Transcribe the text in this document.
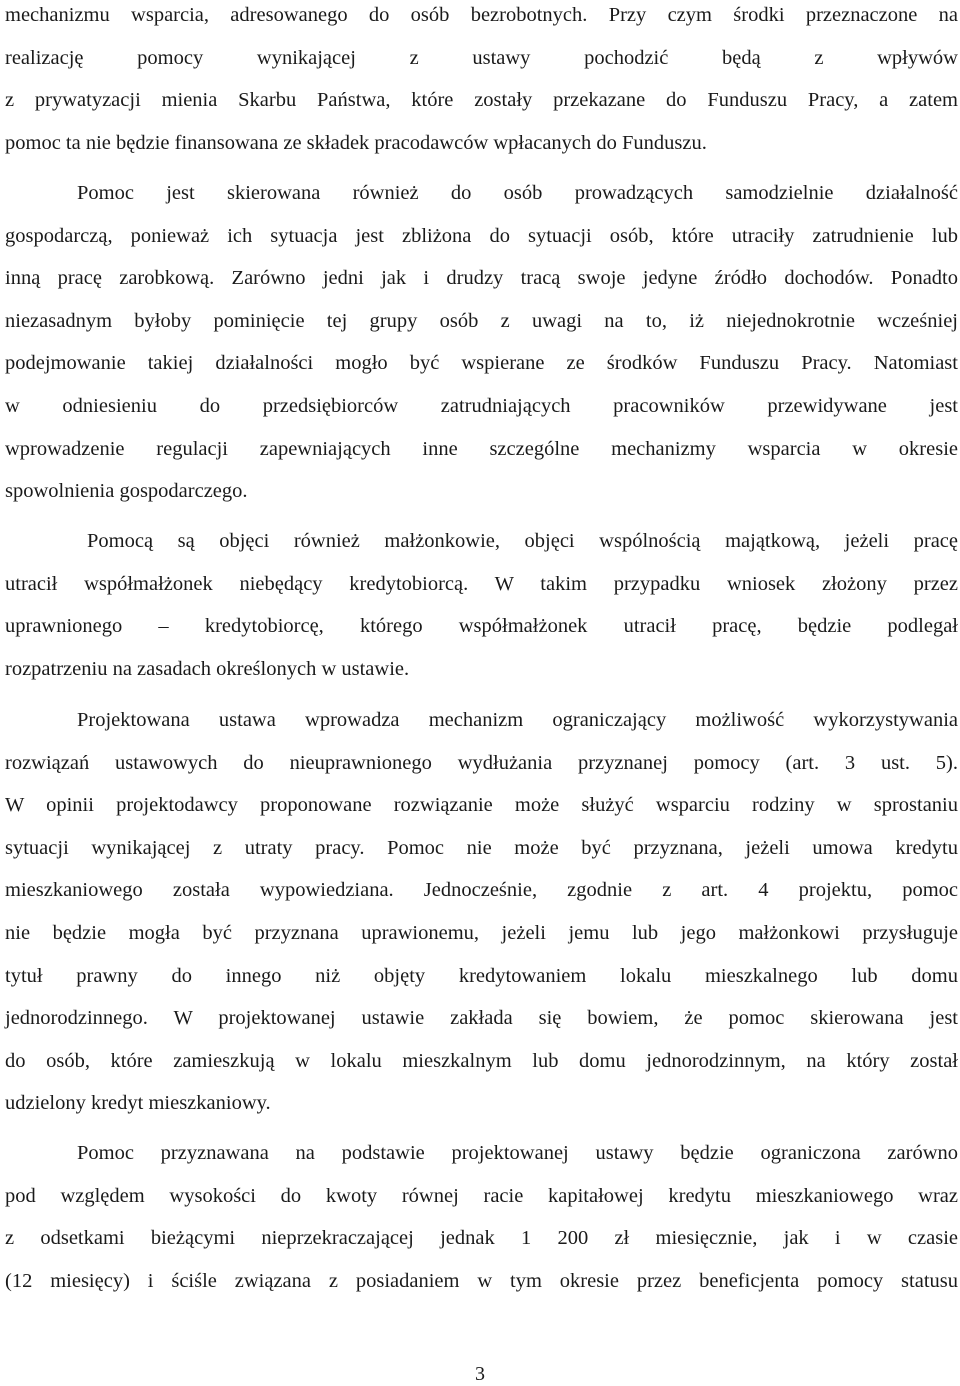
mechanizmu wsparcia, adresowanego do osób bezrobotnych. Przy czym środki przeznaczone na
realizację pomocy wynikającej z ustawy pochodzić będą z wpływów
z prywatyzacji mienia Skarbu Państwa, które zostały przekazane do Funduszu Pracy, a zatem
pomoc ta nie będzie finansowana ze składek pracodawców wpłacanych do Funduszu.
Pomoc jest skierowana również do osób prowadzących samodzielnie działalność
gospodarczą, ponieważ ich sytuacja jest zbliżona do sytuacji osób, które utraciły zatrudnienie lub
inną pracę zarobkową. Zarówno jedni jak i drudzy tracą swoje jedyne źródło dochodów. Ponadto
niezasadnym byłoby pominięcie tej grupy osób z uwagi na to, iż niejednokrotnie wcześniej
podejmowanie takiej działalności mogło być wspierane ze środków Funduszu Pracy. Natomiast
w odniesieniu do przedsiębiorców zatrudniających pracowników przewidywane jest
wprowadzenie regulacji zapewniających inne szczególne mechanizmy wsparcia w okresie
spowolnienia gospodarczego.
Pomocą są objęci również małżonkowie, objęci wspólnością majątkową, jeżeli pracę
utracił współmałżonek niebędący kredytobiorcą. W takim przypadku wniosek złożony przez
uprawnionego – kredytobiorcę, którego współmałżonek utracił pracę, będzie podlegał
rozpatrzeniu na zasadach określonych w ustawie.
Projektowana ustawa wprowadza mechanizm ograniczający możliwość wykorzystywania
rozwiązań ustawowych do nieuprawnionego wydłużania przyznanej pomocy (art. 3 ust. 5).
W opinii projektodawcy proponowane rozwiązanie może służyć wsparciu rodziny w sprostaniu
sytuacji wynikającej z utraty pracy. Pomoc nie może być przyznana, jeżeli umowa kredytu
mieszkaniowego została wypowiedziana. Jednocześnie, zgodnie z art. 4 projektu, pomoc
nie będzie mogła być przyznana uprawionemu, jeżeli jemu lub jego małżonkowi przysługuje
tytuł prawny do innego niż objęty kredytowaniem lokalu mieszkalnego lub domu
jednorodzinnego. W projektowanej ustawie zakłada się bowiem, że pomoc skierowana jest
do osób, które zamieszkują w lokalu mieszkalnym lub domu jednorodzinnym, na który został
udzielony kredyt mieszkaniowy.
Pomoc przyznawana na podstawie projektowanej ustawy będzie ograniczona zarówno
pod względem wysokości do kwoty równej racie kapitałowej kredytu mieszkaniowego wraz
z odsetkami bieżącymi nieprzekraczającej jednak 1 200 zł miesięcznie, jak i w czasie
(12 miesięcy) i ściśle związana z posiadaniem w tym okresie przez beneficjenta pomocy statusu
3
